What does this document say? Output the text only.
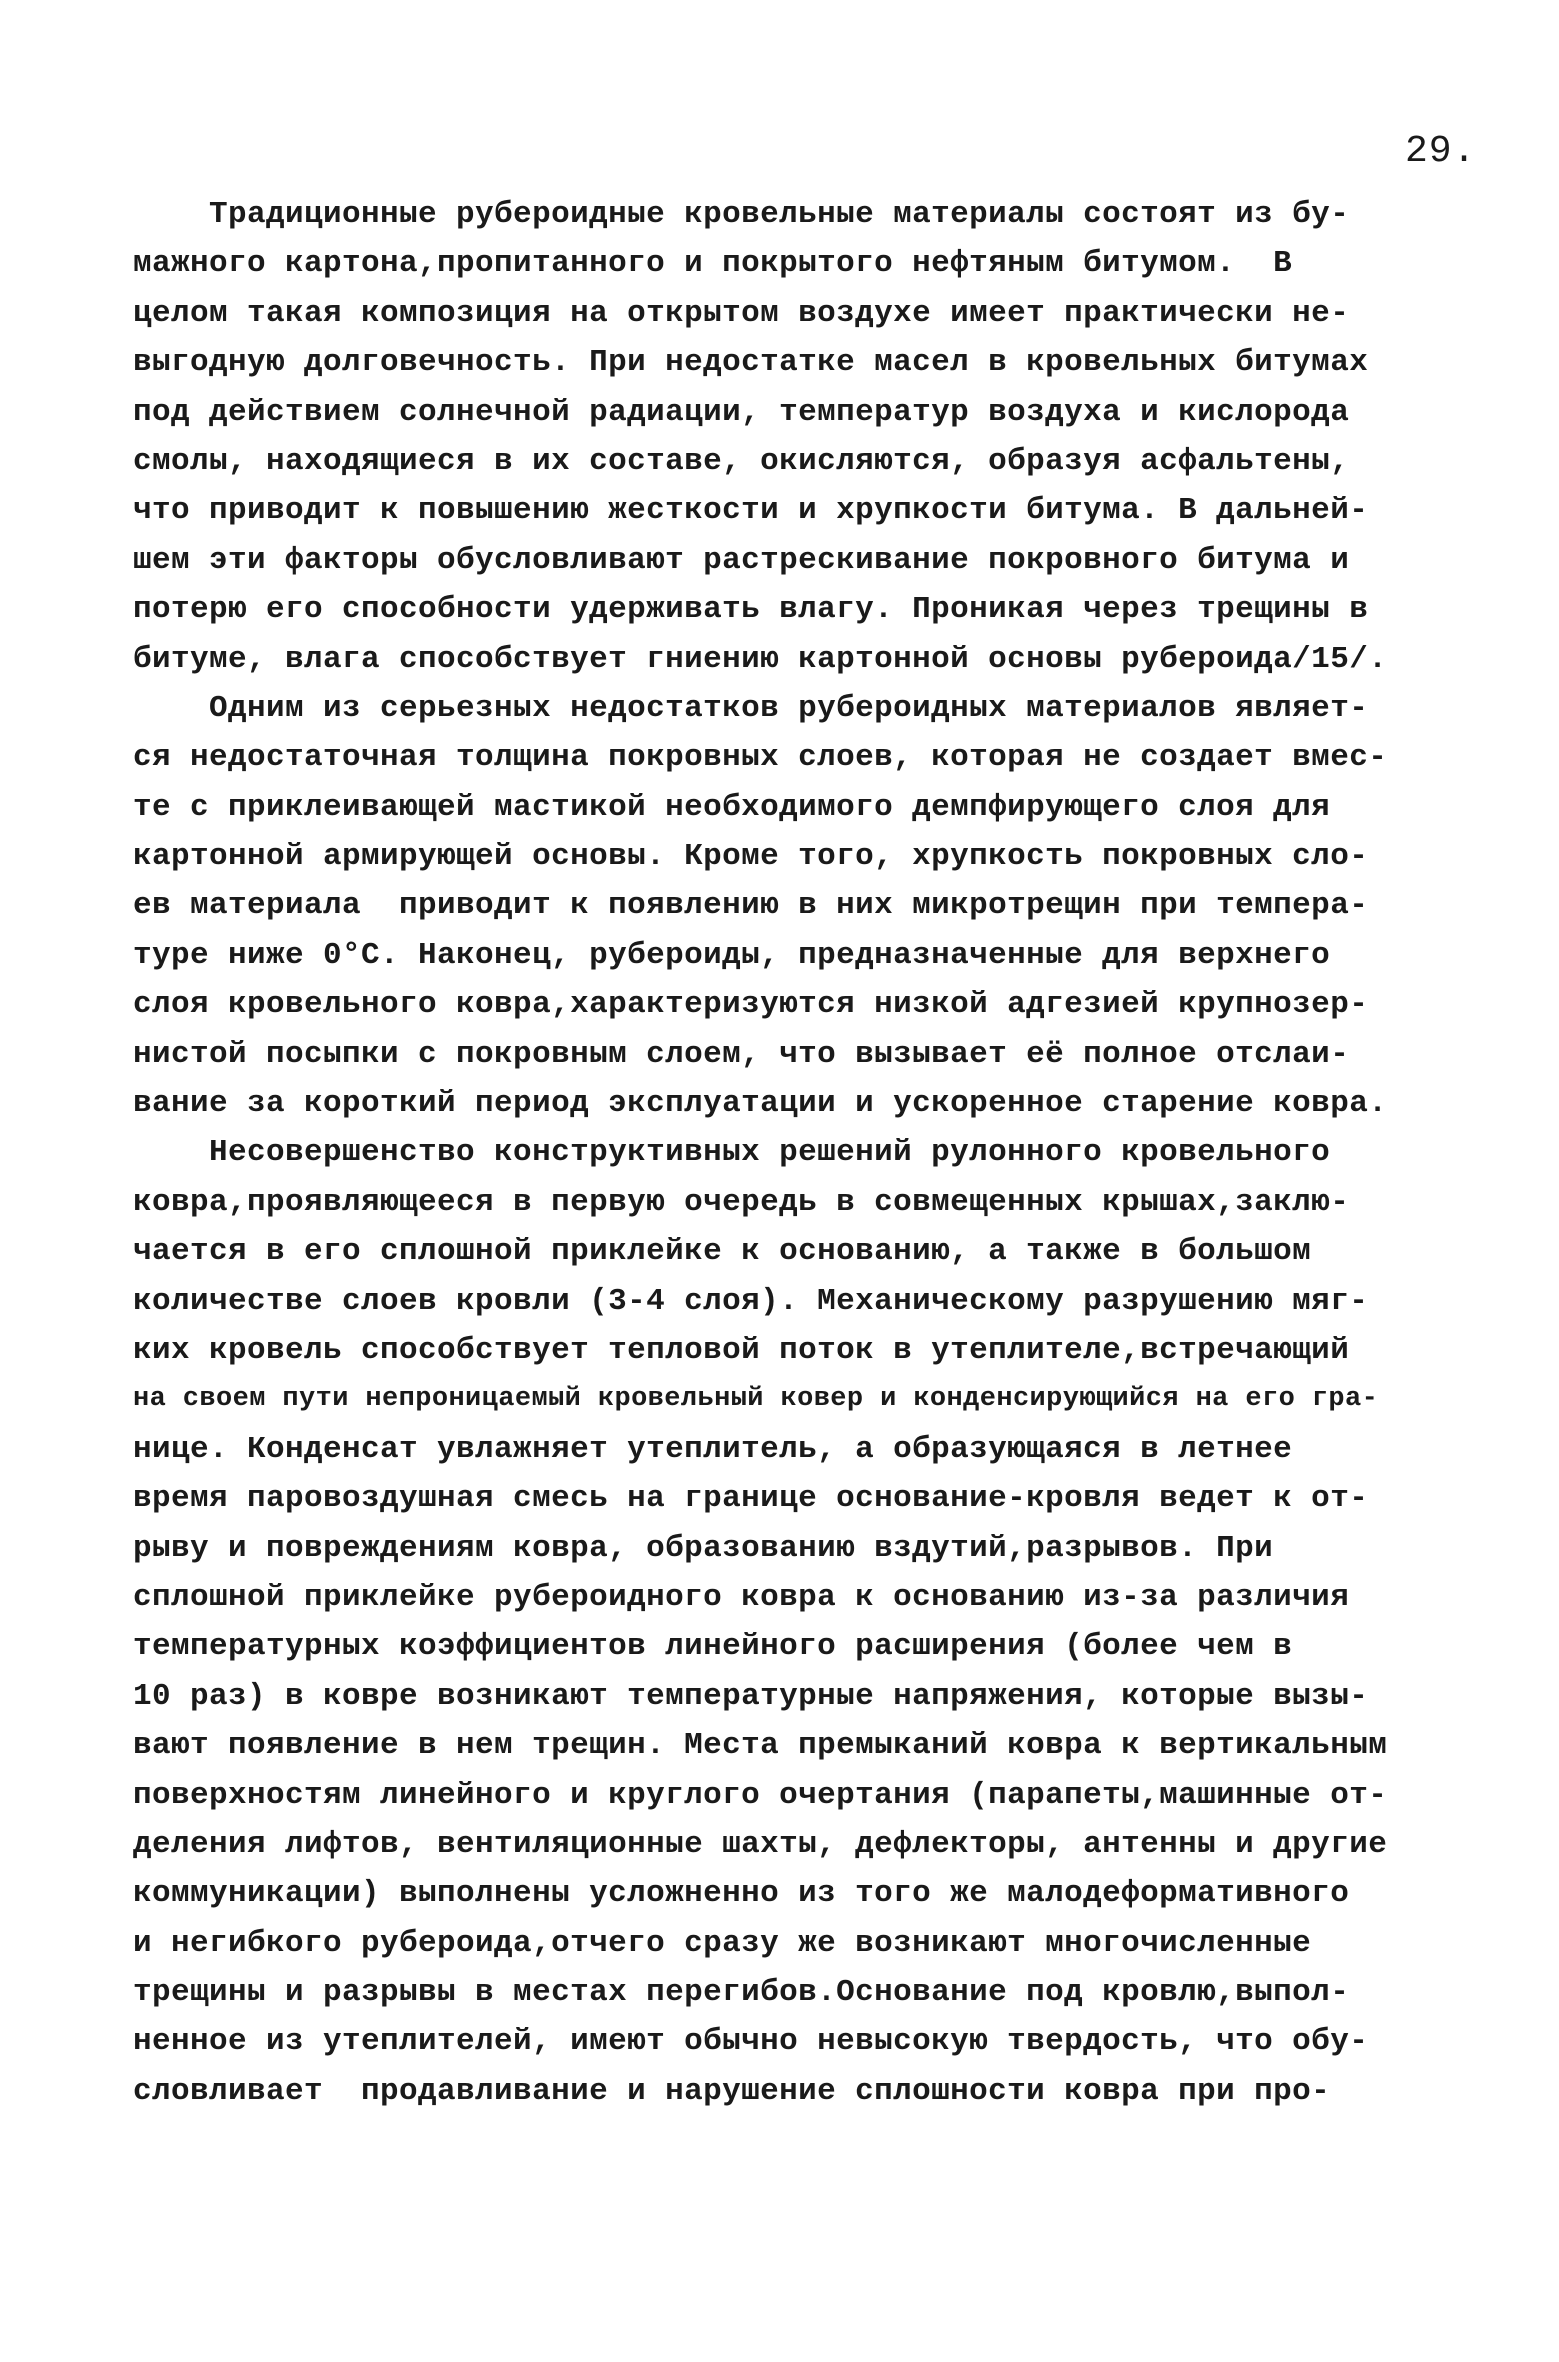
29.
Традиционные рубероидные кровельные материалы состоят из бу-
мажного картона,пропитанного и покрытого нефтяным битумом.  В
целом такая композиция на открытом воздухе имеет практически не-
выгодную долговечность. При недостатке масел в кровельных битумах
под действием солнечной радиации, температур воздуха и кислорода
смолы, находящиеся в их составе, окисляются, образуя асфальтены,
что приводит к повышению жесткости и хрупкости битума. В дальней-
шем эти факторы обусловливают растрескивание покровного битума и
потерю его способности удерживать влагу. Проникая через трещины в
битуме, влага способствует гниению картонной основы рубероида/15/.
Одним из серьезных недостатков рубероидных материалов являет-
ся недостаточная толщина покровных слоев, которая не создает вмес-
те с приклеивающей мастикой необходимого демпфирующего слоя для
картонной армирующей основы. Кроме того, хрупкость покровных сло-
ев материала  приводит к появлению в них микротрещин при темпера-
туре ниже 0°С. Наконец, рубероиды, предназначенные для верхнего
слоя кровельного ковра,характеризуются низкой адгезией крупнозер-
нистой посыпки с покровным слоем, что вызывает её полное отслаи-
вание за короткий период эксплуатации и ускоренное старение ковра.
Несовершенство конструктивных решений рулонного кровельного
ковра,проявляющееся в первую очередь в совмещенных крышах,заклю-
чается в его сплошной приклейке к основанию, а также в большом
количестве слоев кровли (3-4 слоя). Механическому разрушению мяг-
ких кровель способствует тепловой поток в утеплителе,встречающий
на своем пути непроницаемый кровельный ковер и конденсирующийся на его гра-
нице. Конденсат увлажняет утеплитель, а образующаяся в летнее
время паровоздушная смесь на границе основание-кровля ведет к от-
рыву и повреждениям ковра, образованию вздутий,разрывов. При
сплошной приклейке рубероидного ковра к основанию из-за различия
температурных коэффициентов линейного расширения (более чем в
10 раз) в ковре возникают температурные напряжения, которые вызы-
вают появление в нем трещин. Места премыканий ковра к вертикальным
поверхностям линейного и круглого очертания (парапеты,машинные от-
деления лифтов, вентиляционные шахты, дефлекторы, антенны и другие
коммуникации) выполнены усложненно из того же малодеформативного
и негибкого рубероида,отчего сразу же возникают многочисленные
трещины и разрывы в местах перегибов.Основание под кровлю,выпол-
ненное из утеплителей, имеют обычно невысокую твердость, что обу-
словливает  продавливание и нарушение сплошности ковра при про-
